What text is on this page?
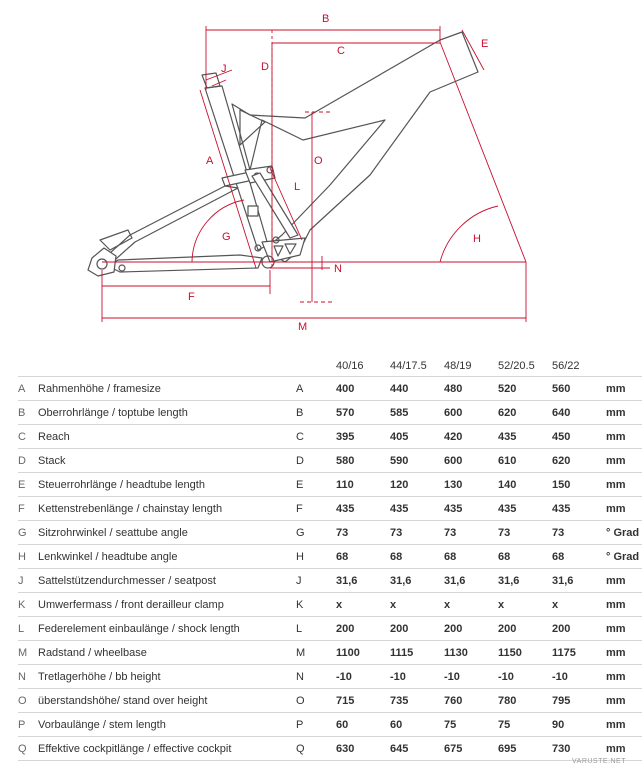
B
C
D
E
J
A	O
L
G	H
N
F
M
			40/16	44/17.5	48/19	52/20.5	56/22	
A	Rahmenhöhe / framesize	A	400	440	480	520	560	mm
B	Oberrohrlänge / toptube length	B	570	585	600	620	640	mm
C	Reach	C	395	405	420	435	450	mm
D	Stack	D	580	590	600	610	620	mm
E	Steuerrohrlänge / headtube length	E	110	120	130	140	150	mm
F	Kettenstrebenlänge / chainstay length	F	435	435	435	435	435	mm
G	Sitzrohrwinkel / seattube angle	G	73	73	73	73	73	° Grad
H	Lenkwinkel / headtube angle	H	68	68	68	68	68	° Grad
J	Sattelstützendurchmesser / seatpost	J	31,6	31,6	31,6	31,6	31,6	mm
K	Umwerfermass / front derailleur clamp	K	x	x	x	x	x	mm
L	Federelement einbaulänge / shock length	L	200	200	200	200	200	mm
M	Radstand / wheelbase	M	1100	1115	1130	1150	1175	mm
N	Tretlagerhöhe / bb height	N	-10	-10	-10	-10	-10	mm
O	überstandshöhe/ stand over height	O	715	735	760	780	795	mm
P	Vorbaulänge / stem length	P	60	60	75	75	90	mm
Q	Effektive cockpitlänge / effective cockpit	Q	630	645	675	695	730	mm
VARUSTE.NET
